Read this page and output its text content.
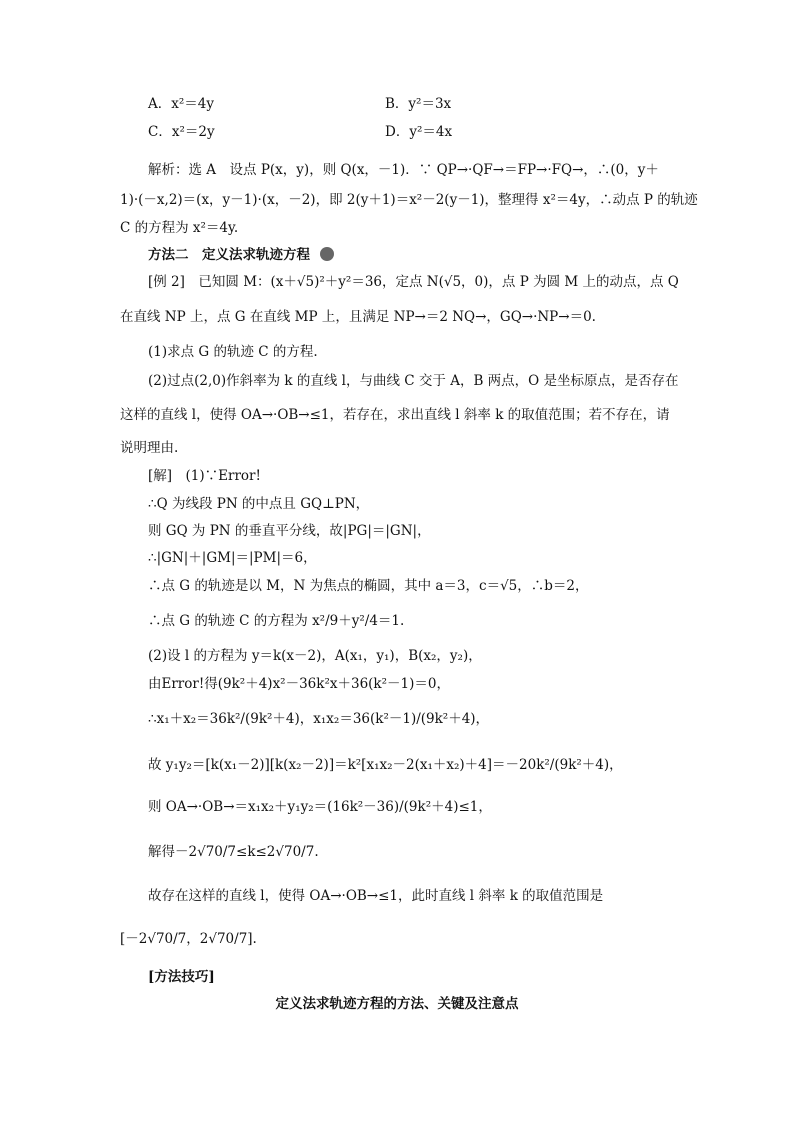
A．x²＝4y	B．y²＝3x
C．x²＝2y	D．y²＝4x
解析：选 A　设点 P(x，y)，则 Q(x，－1)．∵ QP→·QF→＝FP→·FQ→，∴(0，y＋
1)·(－x,2)＝(x，y－1)·(x，－2)，即 2(y＋1)＝x²－2(y－1)，整理得 x²＝4y，∴动点 P 的轨迹
C 的方程为 x²＝4y.
方法二　定义法求轨迹方程
[例 2]　已知圆 M：(x＋√5)²＋y²＝36，定点 N(√5，0)，点 P 为圆 M 上的动点，点 Q
在直线 NP 上，点 G 在直线 MP 上，且满足 NP→＝2 NQ→，GQ→·NP→＝0.
(1)求点 G 的轨迹 C 的方程.
(2)过点(2,0)作斜率为 k 的直线 l，与曲线 C 交于 A，B 两点，O 是坐标原点，是否存在
这样的直线 l，使得 OA→·OB→≤1，若存在，求出直线 l 斜率 k 的取值范围；若不存在，请
说明理由.
[解]　(1)∵Error!
∴Q 为线段 PN 的中点且 GQ⊥PN，
则 GQ 为 PN 的垂直平分线，故|PG|＝|GN|，
∴|GN|＋|GM|＝|PM|＝6，
∴点 G 的轨迹是以 M，N 为焦点的椭圆，其中 a＝3，c＝√5，∴b＝2，
∴点 G 的轨迹 C 的方程为 x²/9＋y²/4＝1.
(2)设 l 的方程为 y＝k(x－2)，A(x₁，y₁)，B(x₂，y₂)，
由Error!得(9k²＋4)x²－36k²x＋36(k²－1)＝0，
∴x₁＋x₂＝36k²/(9k²＋4)，x₁x₂＝36(k²－1)/(9k²＋4)，
故 y₁y₂＝[k(x₁－2)][k(x₂－2)]＝k²[x₁x₂－2(x₁＋x₂)＋4]＝－20k²/(9k²＋4)，
则 OA→·OB→＝x₁x₂＋y₁y₂＝(16k²－36)/(9k²＋4)≤1，
解得－2√70/7≤k≤2√70/7.
故存在这样的直线 l，使得 OA→·OB→≤1，此时直线 l 斜率 k 的取值范围是
[－2√70/7，2√70/7].
[方法技巧]
定义法求轨迹方程的方法、关键及注意点
